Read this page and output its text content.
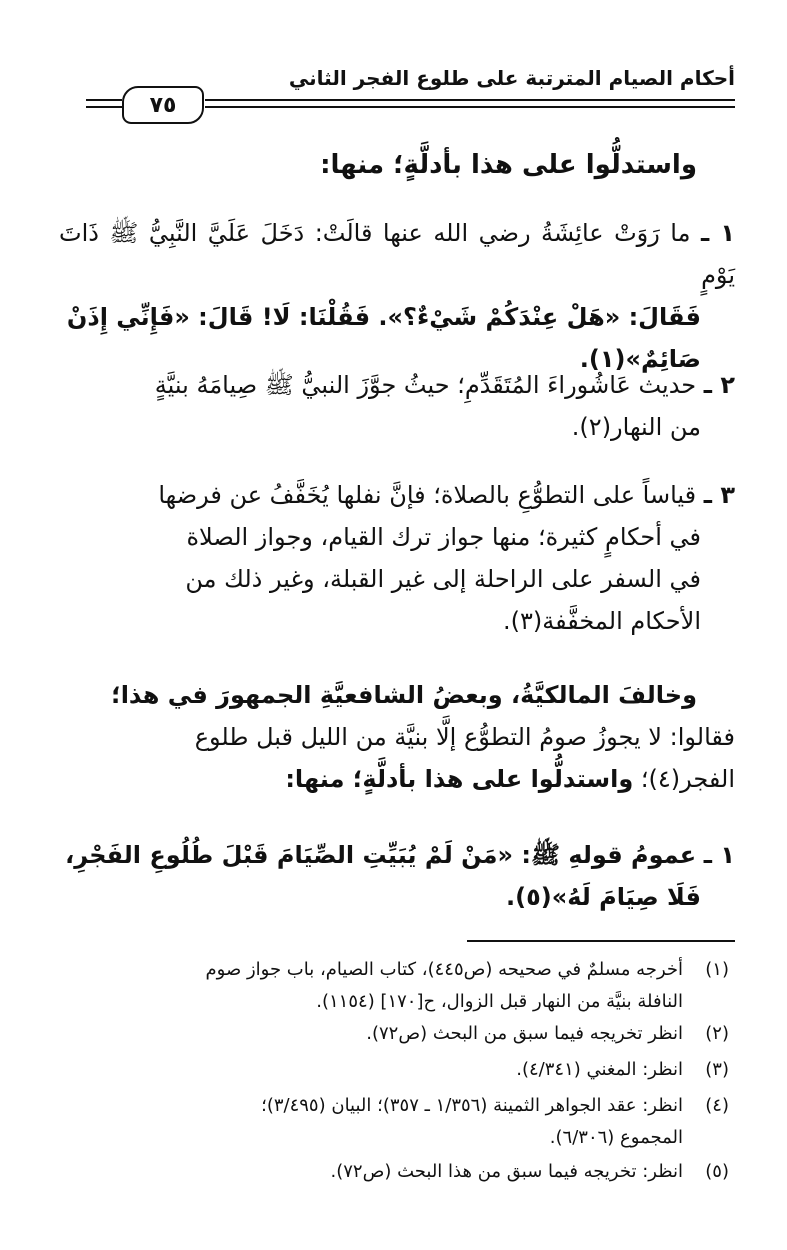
أحكام الصيام المترتبة على طلوع الفجر الثاني
٧٥
واستدلُّوا على هذا بأدلَّةٍ؛ منها:
١ ـ ما رَوَتْ عائِشَةُ رضي الله عنها قالَتْ: دَخَلَ عَلَيَّ النَّبِيُّ ﷺ ذَاتَ يَوْمٍ
فَقَالَ: «هَلْ عِنْدَكُمْ شَيْءٌ؟». فَقُلْنَا: لَا! قَالَ: «فَإِنِّي إِذَنْ
صَائِمٌ»(١).
٢ ـ حديث عَاشُوراءَ المُتَقَدِّمِ؛ حيثُ جوَّزَ النبيُّ ﷺ صِيامَهُ بنيَّةٍ
من النهار(٢).
٣ ـ قياساً على التطوُّعِ بالصلاة؛ فإنَّ نفلها يُخَفَّفُ عن فرضها
في أحكامٍ كثيرة؛ منها جواز ترك القيام، وجواز الصلاة
في السفر على الراحلة إلى غير القبلة، وغير ذلك من
الأحكام المخفَّفة(٣).
وخالفَ المالكيَّةُ، وبعضُ الشافعيَّةِ الجمهورَ في هذا؛
فقالوا: لا يجوزُ صومُ التطوُّع إلَّا بنيَّة من الليل قبل طلوع
الفجر(٤)؛ واستدلُّوا على هذا بأدلَّةٍ؛ منها:
١ ـ عمومُ قولهِ ﷺ: «مَنْ لَمْ يُبَيِّتِ الصِّيَامَ قَبْلَ طُلُوعِ الفَجْرِ،
فَلَا صِيَامَ لَهُ»(٥).
(١)أخرجه مسلمٌ في صحيحه (ص٤٤٥)، كتاب الصيام، باب جواز صوم
النافلة بنيَّة من النهار قبل الزوال، ح[١٧٠] (١١٥٤).
(٢)انظر تخريجه فيما سبق من البحث (ص٧٢).
(٣)انظر: المغني (٤/٣٤١).
(٤)انظر: عقد الجواهر الثمينة (١/٣٥٦ ـ ٣٥٧)؛ البيان (٣/٤٩٥)؛
المجموع (٦/٣٠٦).
(٥)انظر: تخريجه فيما سبق من هذا البحث (ص٧٢).
